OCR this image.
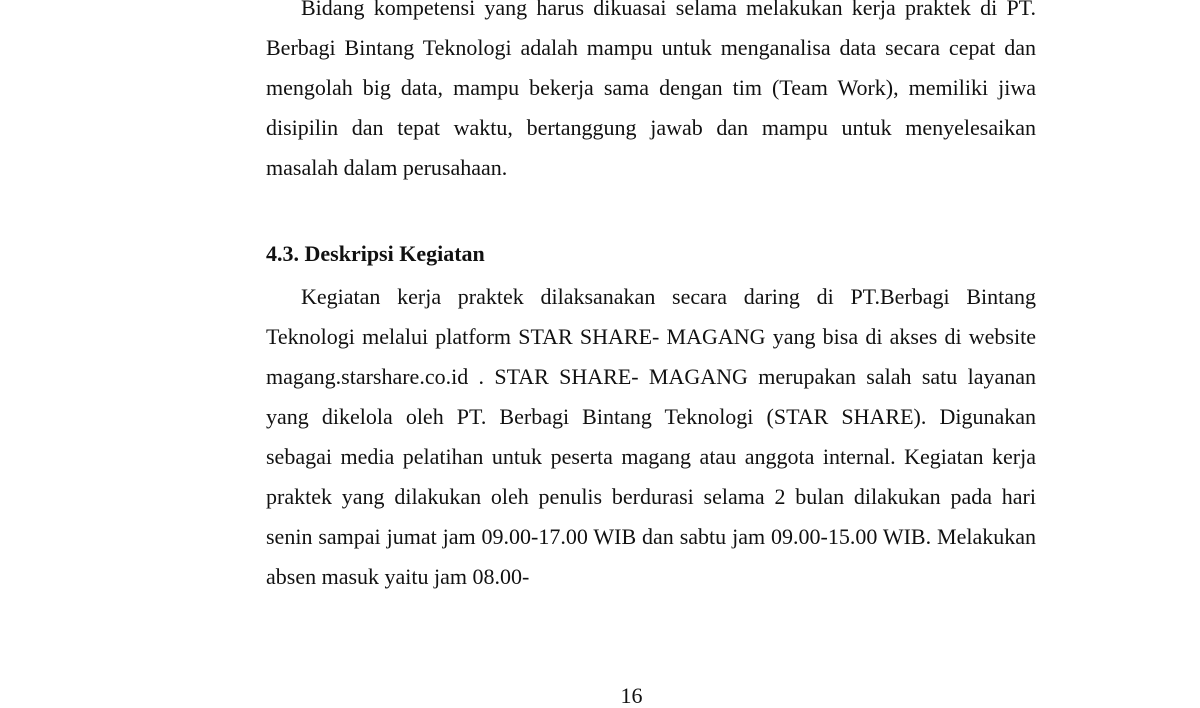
Bidang kompetensi yang harus dikuasai selama melakukan kerja praktek di PT. Berbagi Bintang Teknologi adalah mampu untuk menganalisa data secara cepat dan mengolah big data, mampu bekerja sama dengan tim (Team Work), memiliki jiwa disipilin dan tepat waktu, bertanggung jawab dan mampu untuk menyelesaikan masalah dalam perusahaan.

4.3. Deskripsi Kegiatan

Kegiatan kerja praktek dilaksanakan secara daring di PT.Berbagi Bintang Teknologi melalui platform STAR SHARE- MAGANG yang bisa di akses di website magang.starshare.co.id . STAR SHARE- MAGANG merupakan salah satu layanan yang dikelola oleh PT. Berbagi Bintang Teknologi (STAR SHARE). Digunakan sebagai media pelatihan untuk peserta magang atau anggota internal. Kegiatan kerja praktek yang dilakukan oleh penulis berdurasi selama 2 bulan dilakukan pada hari senin sampai jumat jam 09.00-17.00 WIB dan sabtu jam 09.00-15.00 WIB. Melakukan absen masuk yaitu jam 08.00-

16
